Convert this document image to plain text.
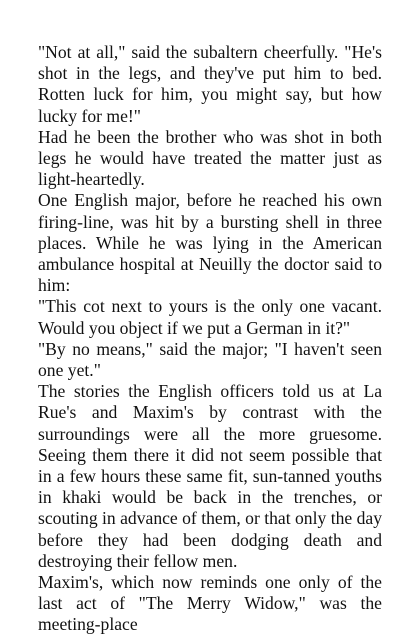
"Not at all," said the subaltern cheerfully. "He's shot in the legs, and they've put him to bed. Rotten luck for him, you might say, but how lucky for me!"

Had he been the brother who was shot in both legs he would have treated the matter just as light-heartedly.

One English major, before he reached his own firing-line, was hit by a bursting shell in three places. While he was lying in the American ambulance hospital at Neuilly the doctor said to him:

"This cot next to yours is the only one vacant. Would you object if we put a German in it?"

"By no means," said the major; "I haven't seen one yet."

The stories the English officers told us at La Rue's and Maxim's by contrast with the surroundings were all the more gruesome. Seeing them there it did not seem possible that in a few hours these same fit, sun-tanned youths in khaki would be back in the trenches, or scouting in advance of them, or that only the day before they had been dodging death and destroying their fellow men.

Maxim's, which now reminds one only of the last act of "The Merry Widow," was the meeting-place
